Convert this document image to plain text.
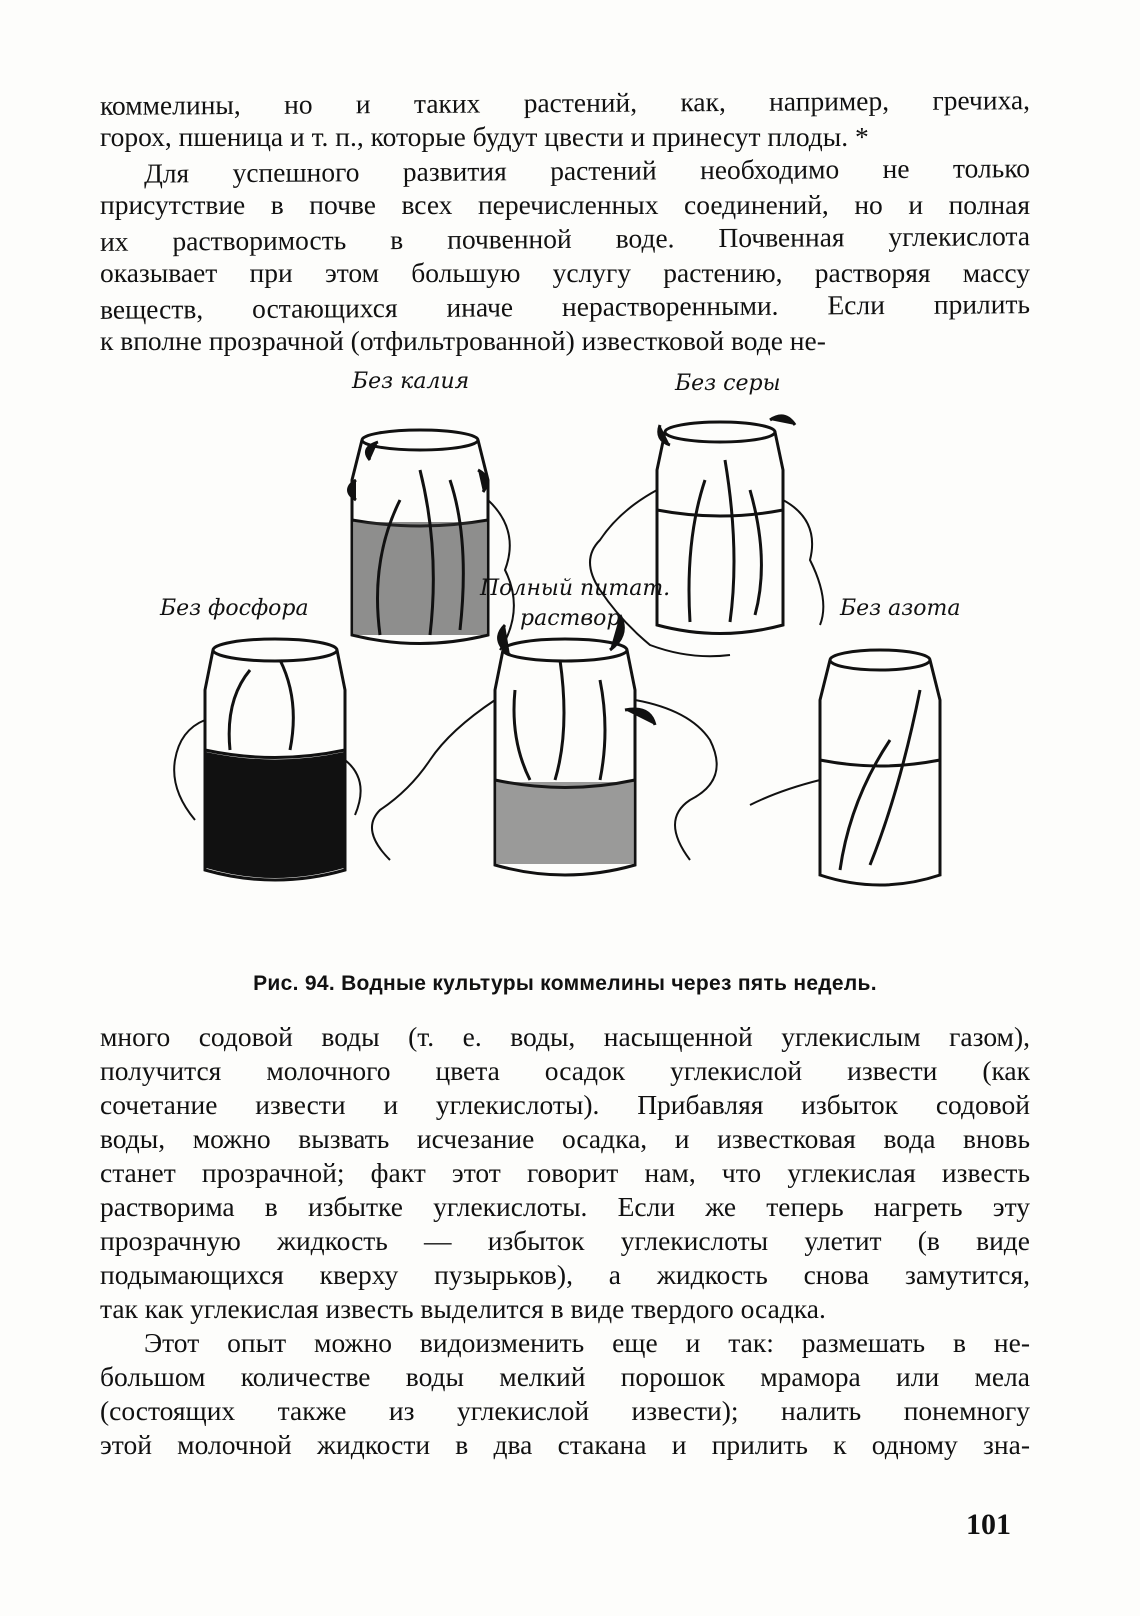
коммелины, но и таких растений, как, например, гречиха,
горох, пшеница и т. п., которые будут цвести и принесут плоды. *
Для успешного развития растений необходимо не только
присутствие в почве всех перечисленных соединений, но и полная
их растворимость в почвенной воде. Почвенная углекислота
оказывает при этом большую услугу растению, растворяя массу
веществ, остающихся иначе нерастворенными. Если прилить
к вполне прозрачной (отфильтрованной) известковой воде не-
Без калия	Без серы
Без фосфора
Полный питат.
раствор	Без азота
Рис. 94. Водные культуры коммелины через пять недель.
много содовой воды (т. е. воды, насыщенной углекислым газом),
получится молочного цвета осадок углекислой извести (как
сочетание извести и углекислоты). Прибавляя избыток содовой
воды, можно вызвать исчезание осадка, и известковая вода вновь
станет прозрачной; факт этот говорит нам, что углекислая известь
растворима в избытке углекислоты. Если же теперь нагреть эту
прозрачную жидкость — избыток углекислоты улетит (в виде
подымающихся кверху пузырьков), а жидкость снова замутится,
так как углекислая известь выделится в виде твердого осадка.
Этот опыт можно видоизменить еще и так: размешать в не-
большом количестве воды мелкий порошок мрамора или мела
(состоящих также из углекислой извести); налить понемногу
этой молочной жидкости в два стакана и прилить к одному зна-
101
